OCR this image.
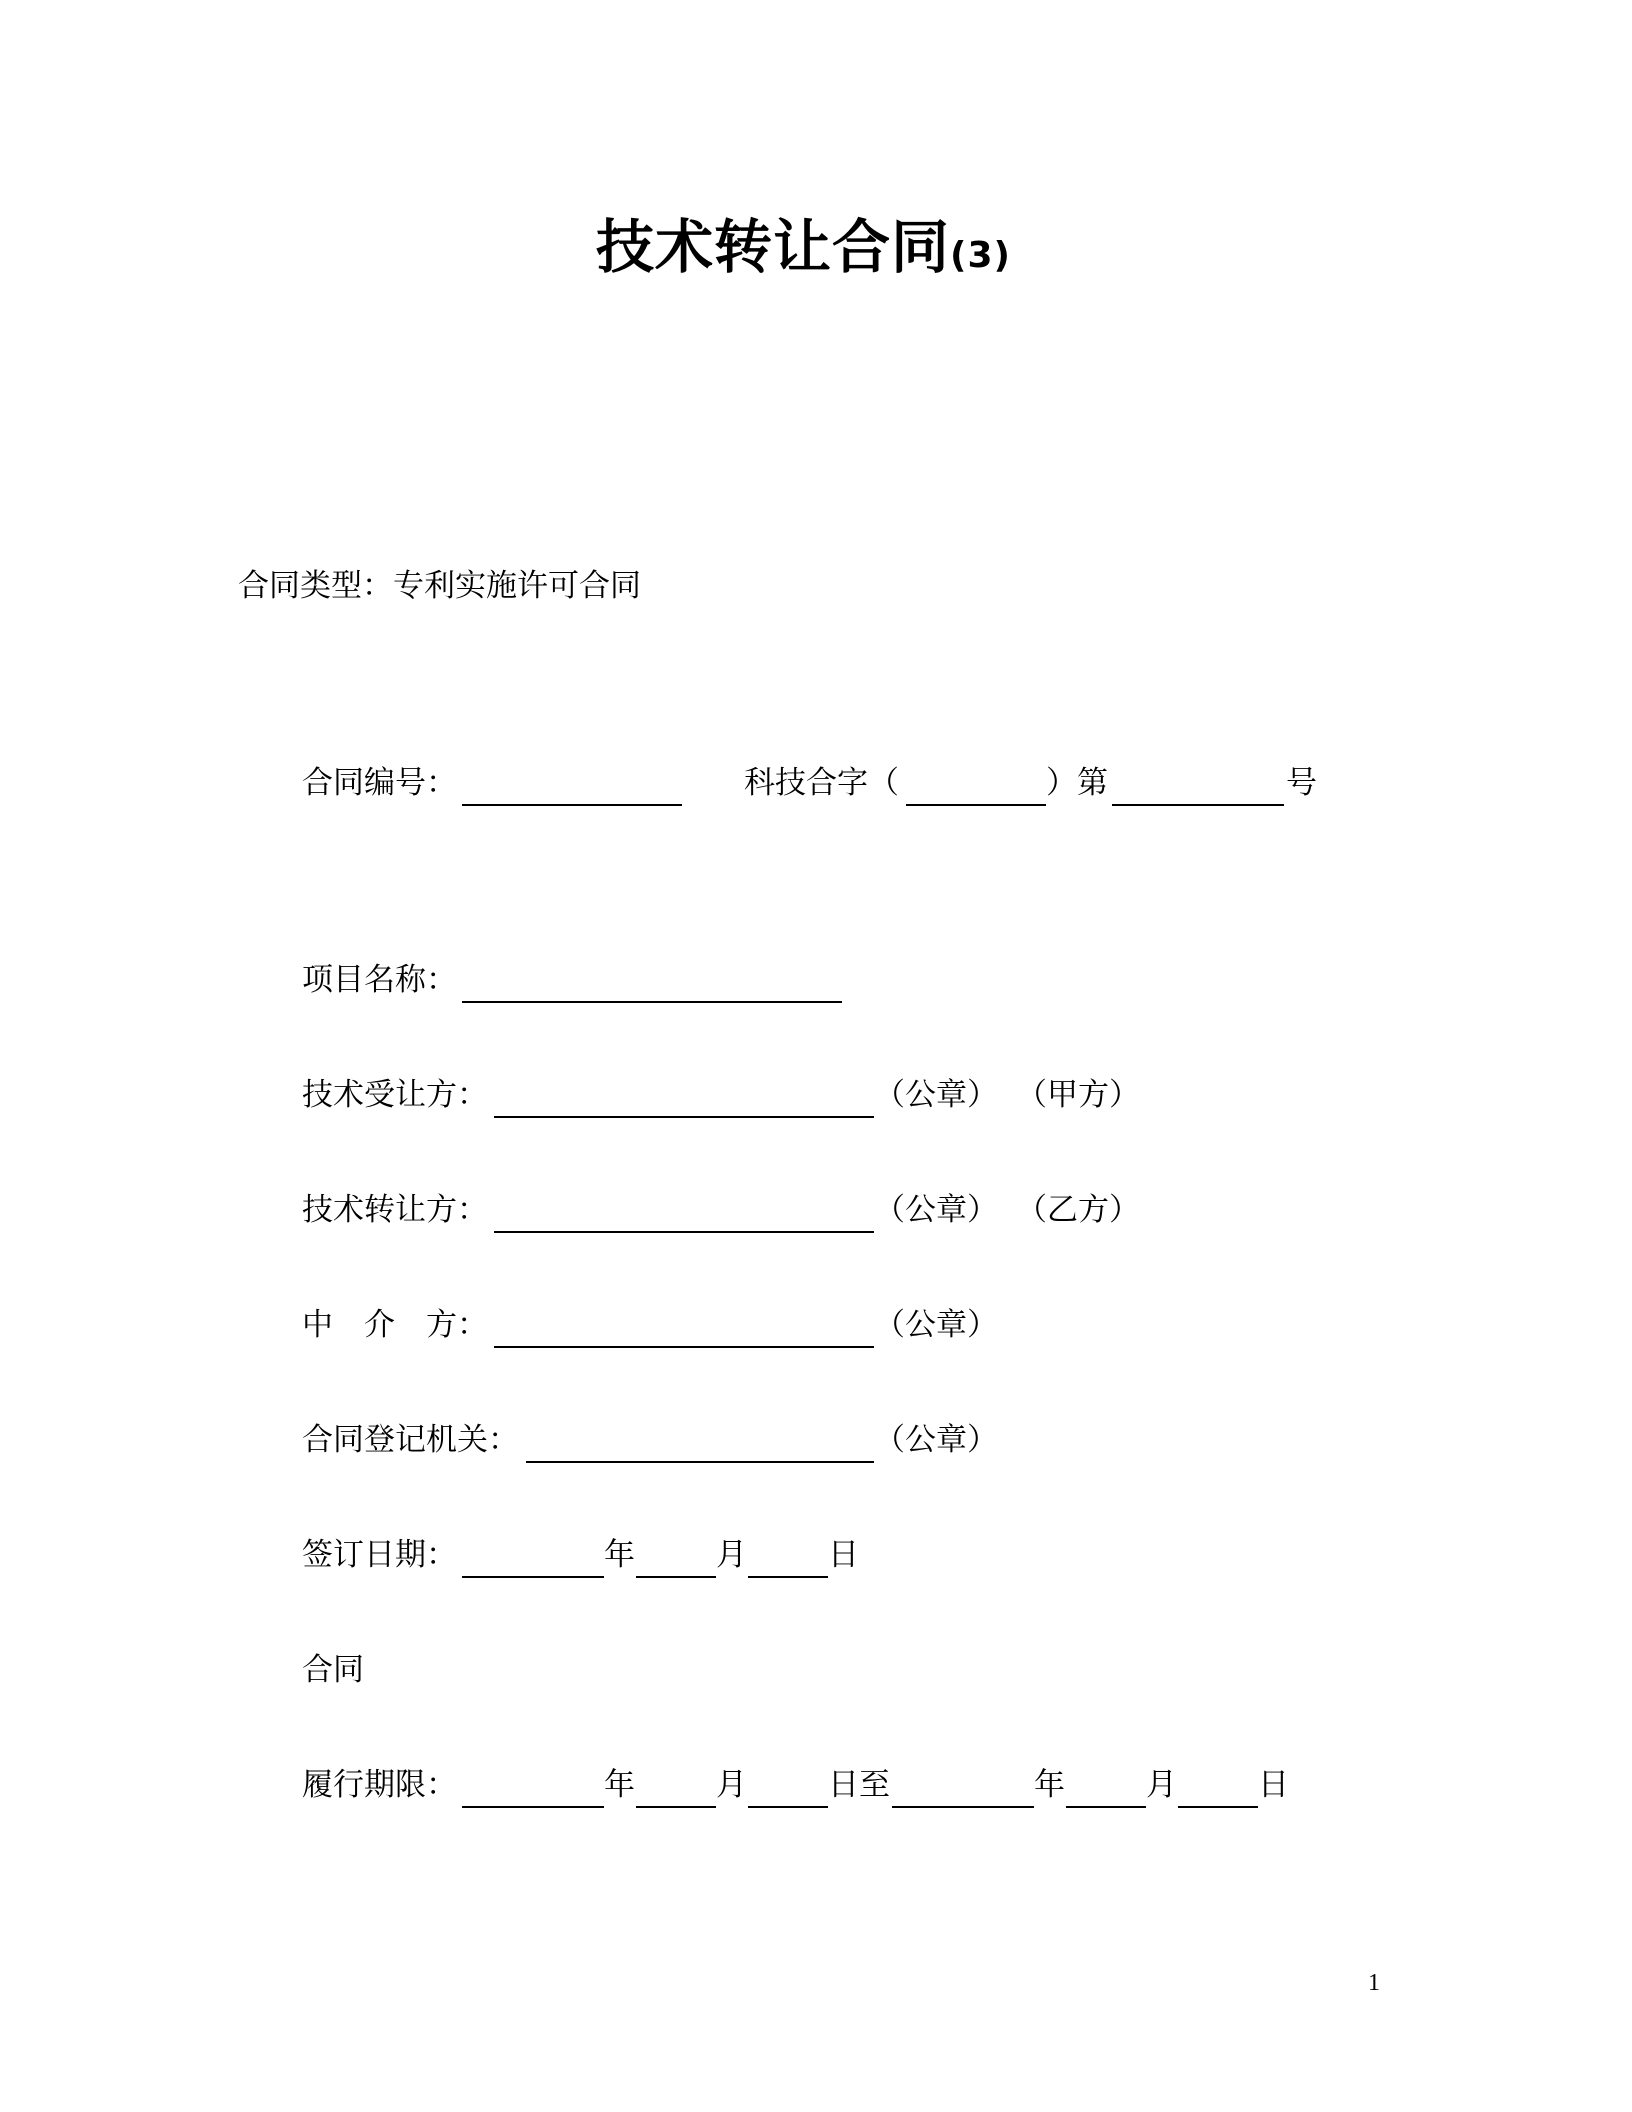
技术转让合同(3)
合同类型：专利实施许可合同
合同编号：	科技合字（	）第	号
项目名称：
技术受让方：	（公章） （甲方）
技术转让方：	（公章） （乙方）
中　介　方：	（公章）
合同登记机关：	（公章）
签订日期：	年	月	日
合同
履行期限：	年	月	日至	年	月	日
1
